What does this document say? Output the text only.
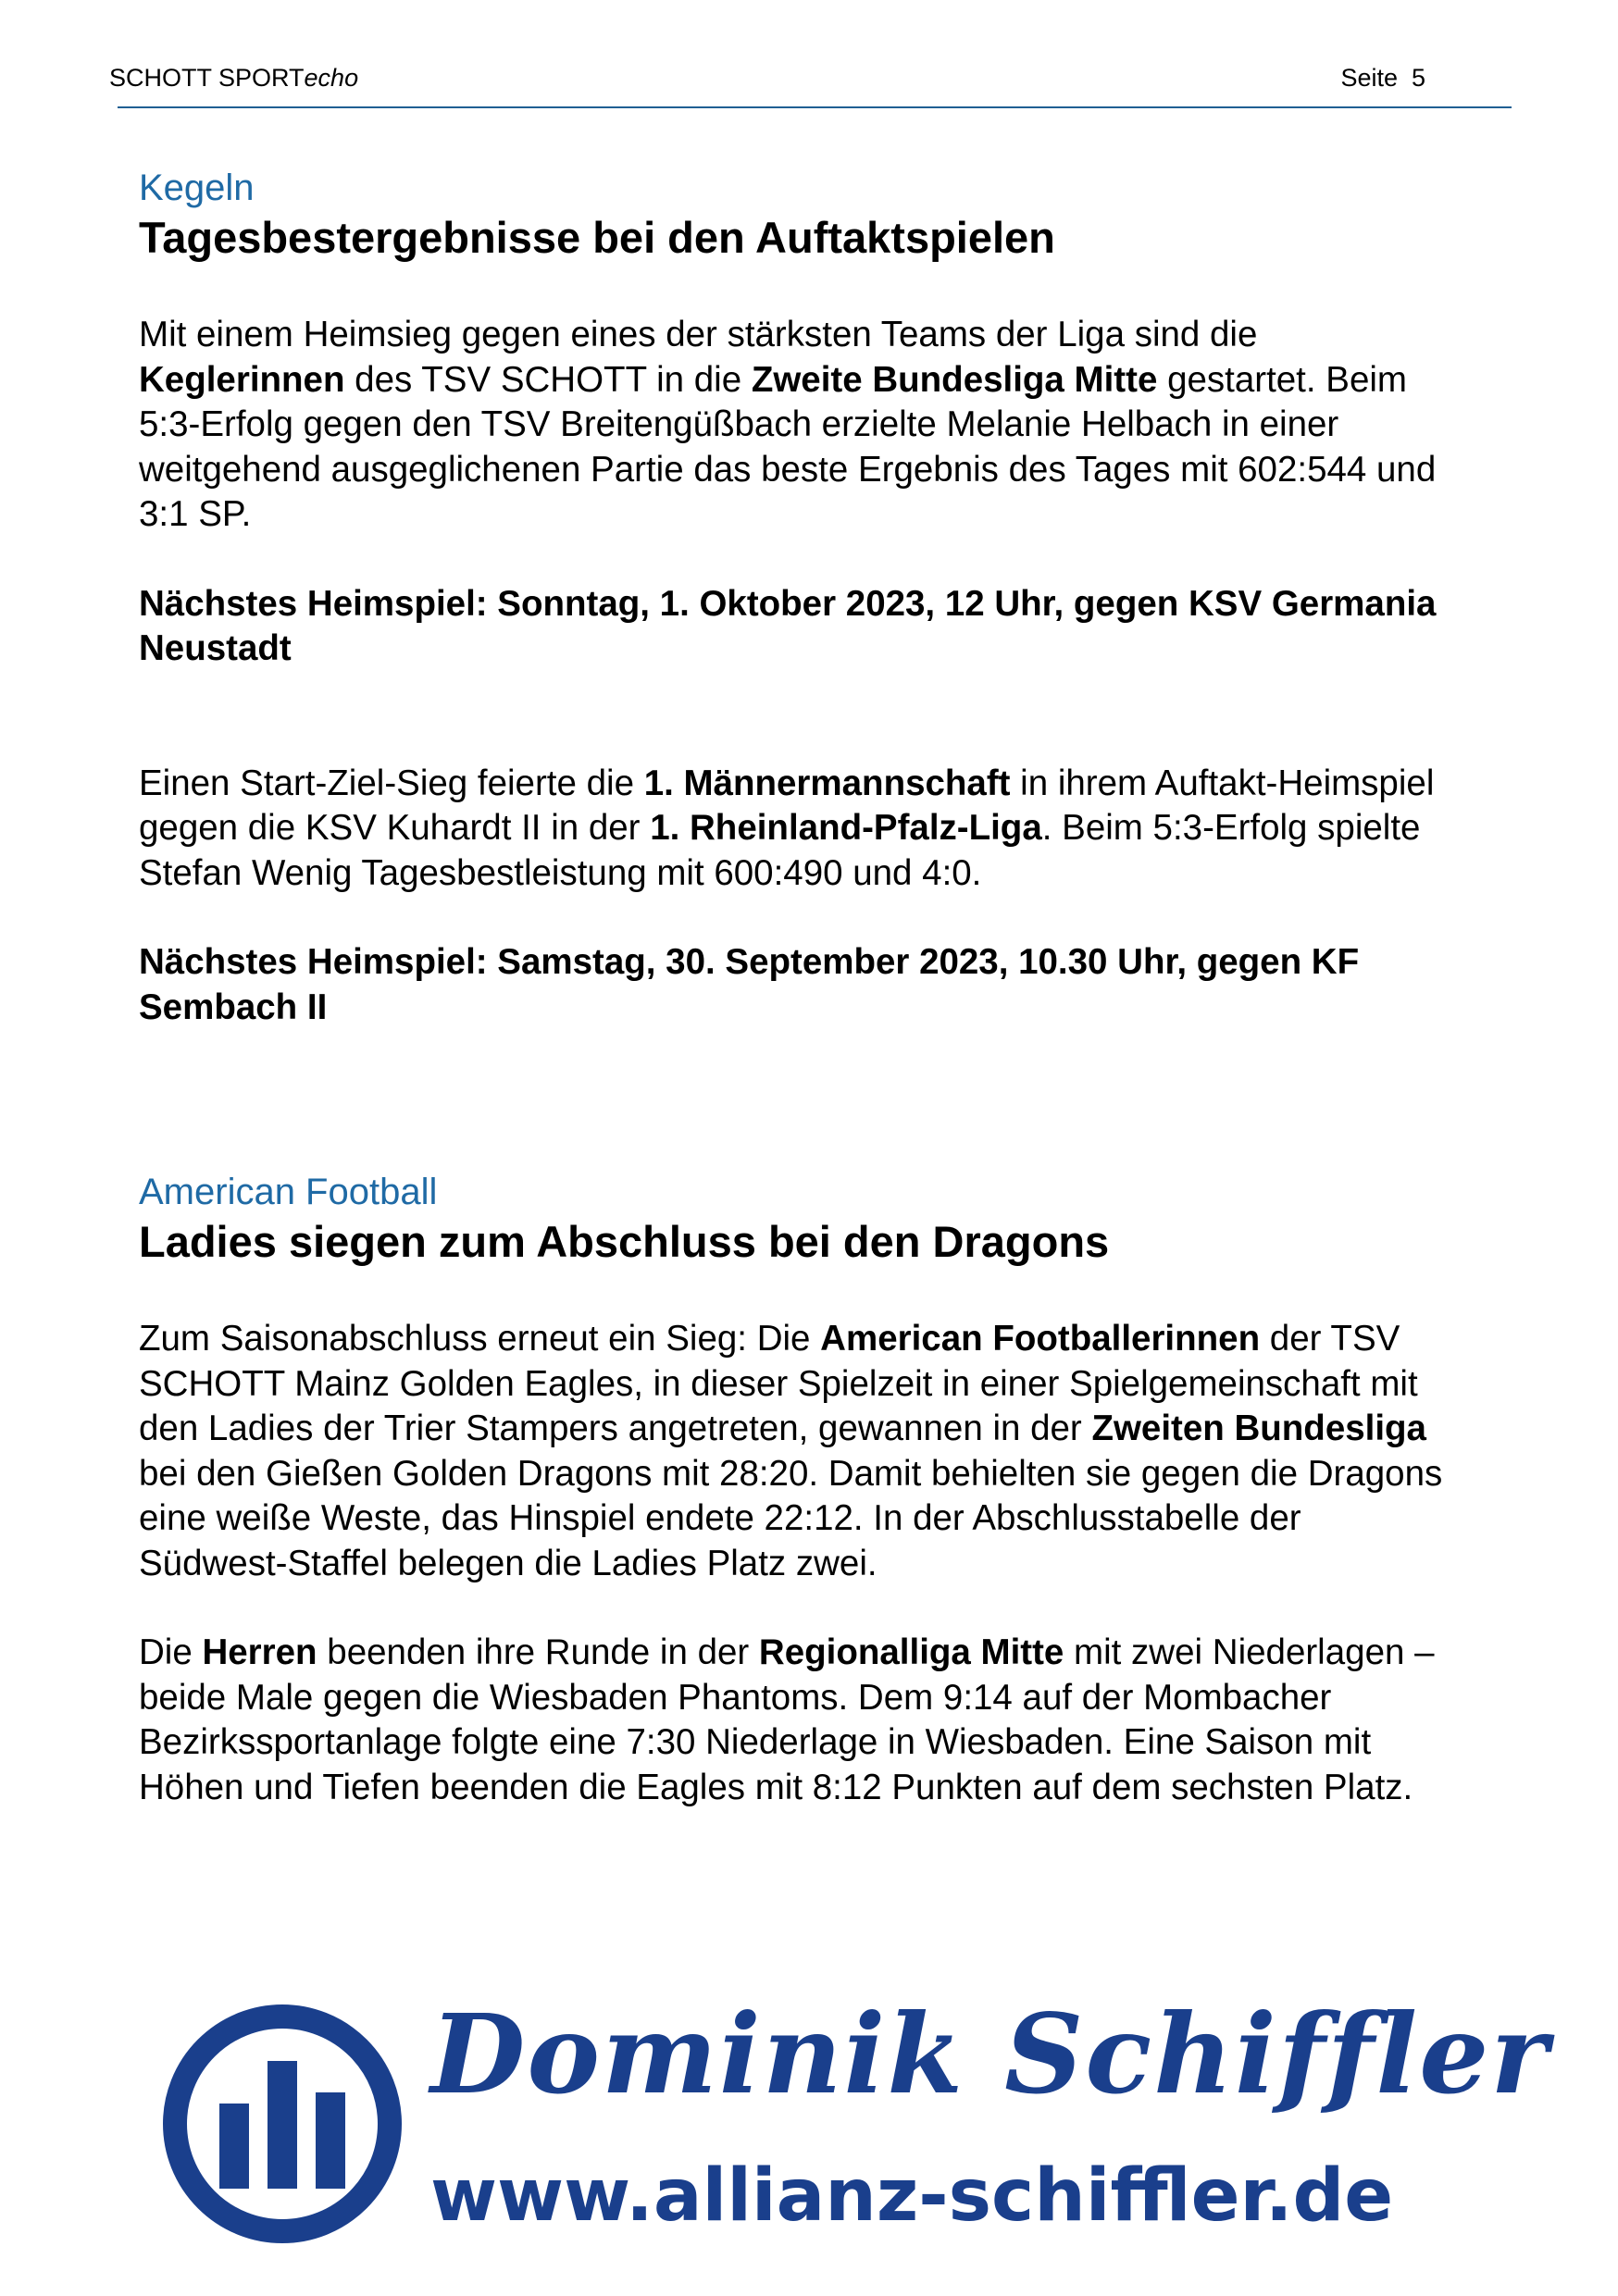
SCHOTT SPORTecho	Seite  5
Kegeln
Tagesbestergebnisse bei den Auftaktspielen

Mit einem Heimsieg gegen eines der stärksten Teams der Liga sind die Keglerinnen des TSV SCHOTT in die Zweite Bundesliga Mitte gestartet. Beim 5:3-Erfolg gegen den TSV Breitengüßbach erzielte Melanie Helbach in einer weitgehend ausgeglichenen Partie das beste Ergebnis des Tages mit 602:544 und 3:1 SP.

Nächstes Heimspiel: Sonntag, 1. Oktober 2023, 12 Uhr, gegen KSV Germania Neustadt

Einen Start-Ziel-Sieg feierte die 1. Männermannschaft in ihrem Auftakt-Heimspiel gegen die KSV Kuhardt II in der 1. Rheinland-Pfalz-Liga. Beim 5:3-Erfolg spielte Stefan Wenig Tagesbestleistung mit 600:490 und 4:0.

Nächstes Heimspiel: Samstag, 30. September 2023, 10.30 Uhr, gegen KF Sembach II

American Football
Ladies siegen zum Abschluss bei den Dragons

Zum Saisonabschluss erneut ein Sieg: Die American Footballerinnen der TSV SCHOTT Mainz Golden Eagles, in dieser Spielzeit in einer Spielgemeinschaft mit den Ladies der Trier Stampers angetreten, gewannen in der Zweiten Bundesliga bei den Gießen Golden Dragons mit 28:20. Damit behielten sie gegen die Dragons eine weiße Weste, das Hinspiel endete 22:12. In der Abschlusstabelle der Südwest-Staffel belegen die Ladies Platz zwei.

Die Herren beenden ihre Runde in der Regionalliga Mitte mit zwei Niederlagen – beide Male gegen die Wiesbaden Phantoms. Dem 9:14 auf der Mombacher Bezirkssportanlage folgte eine 7:30 Niederlage in Wiesbaden. Eine Saison mit Höhen und Tiefen beenden die Eagles mit 8:12 Punkten auf dem sechsten Platz.

Dominik Schiffler
www.allianz-schiffler.de
